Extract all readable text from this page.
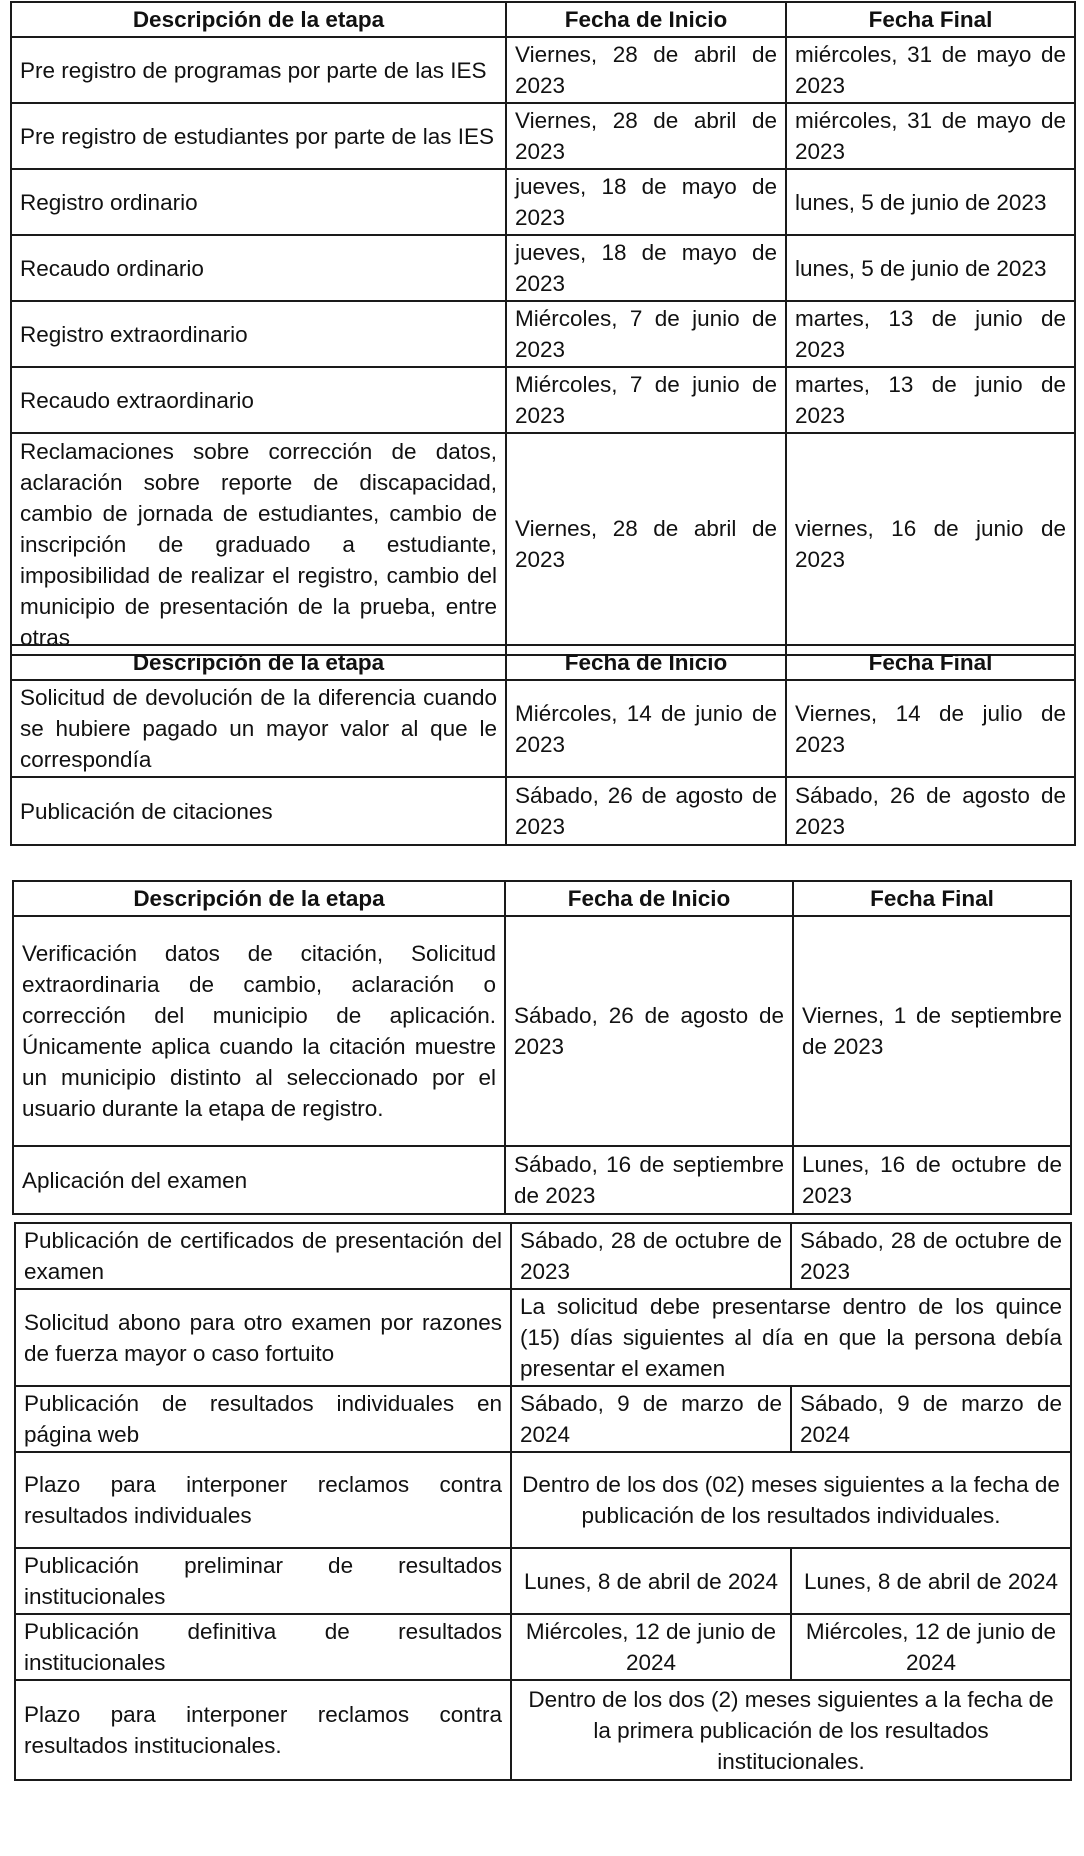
Descripción de la etapa	Fecha de Inicio	Fecha Final
Pre registro de programas por parte de las IES	Viernes, 28 de abril de 2023	miércoles, 31 de mayo de 2023
Pre registro de estudiantes por parte de las IES	Viernes, 28 de abril de 2023	miércoles, 31 de mayo de 2023
Registro ordinario	jueves, 18 de mayo de 2023	lunes, 5 de junio de 2023
Recaudo ordinario	jueves, 18 de mayo de 2023	lunes, 5 de junio de 2023
Registro extraordinario	Miércoles, 7 de junio de 2023	martes, 13 de junio de 2023
Recaudo extraordinario	Miércoles, 7 de junio de 2023	martes, 13 de junio de 2023
Reclamaciones sobre corrección de datos, aclaración sobre reporte de discapacidad, cambio de jornada de estudiantes, cambio de inscripción de graduado a estudiante, imposibilidad de realizar el registro, cambio del municipio de presentación de la prueba, entre otras	Viernes, 28 de abril de 2023	viernes, 16 de junio de 2023
Descripción de la etapa	Fecha de Inicio	Fecha Final
Solicitud de devolución de la diferencia cuando se hubiere pagado un mayor valor al que le correspondía	Miércoles, 14 de junio de 2023	Viernes, 14 de julio de 2023
Publicación de citaciones	Sábado, 26 de agosto de 2023	Sábado, 26 de agosto de 2023
Descripción de la etapa	Fecha de Inicio	Fecha Final
Verificación datos de citación, Solicitud extraordinaria de cambio, aclaración o corrección del municipio de aplicación. Únicamente aplica cuando la citación muestre un municipio distinto al seleccionado por el usuario durante la etapa de registro.	Sábado, 26 de agosto de 2023	Viernes, 1 de septiembre de 2023
Aplicación del examen	Sábado, 16 de septiembre de 2023	Lunes, 16 de octubre de 2023
Publicación de certificados de presentación del examen	Sábado, 28 de octubre de 2023	Sábado, 28 de octubre de 2023
Solicitud abono para otro examen por razones de fuerza mayor o caso fortuito	La solicitud debe presentarse dentro de los quince (15) días siguientes al día en que la persona debía presentar el examen	
Publicación de resultados individuales en página web	Sábado, 9 de marzo de 2024	Sábado, 9 de marzo de 2024
Plazo para interponer reclamos contra resultados individuales	Dentro de los dos (02) meses siguientes a la fecha de publicación de los resultados individuales.	
Publicación preliminar de resultados institucionales	Lunes, 8 de abril de 2024	Lunes, 8 de abril de 2024
Publicación definitiva de resultados institucionales	Miércoles, 12 de junio de 2024	Miércoles, 12 de junio de 2024
Plazo para interponer reclamos contra resultados institucionales.	Dentro de los dos (2) meses siguientes a la fecha de la primera publicación de los resultados institucionales.	
